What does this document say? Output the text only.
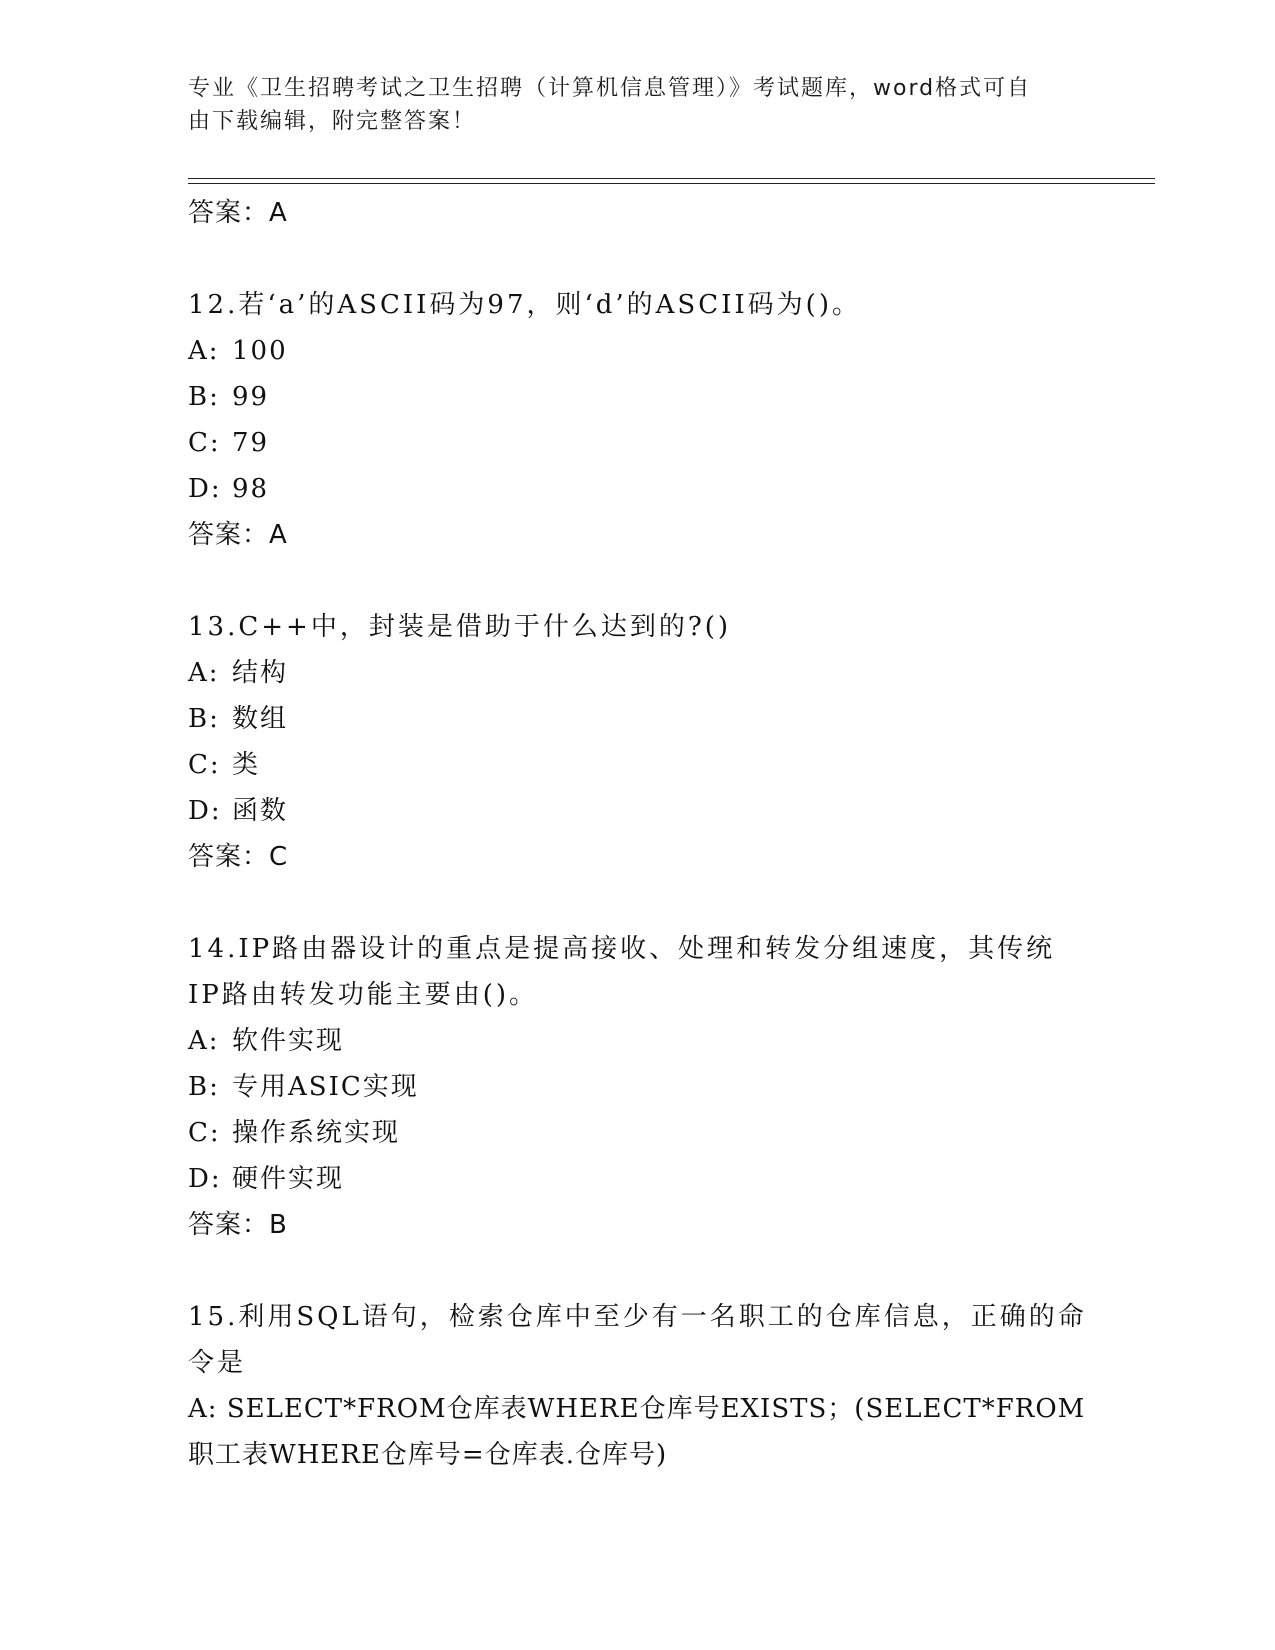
专业《卫生招聘考试之卫生招聘（计算机信息管理）》考试题库，word格式可自
由下载编辑，附完整答案！
答案：A
12.若‘a’的ASCII码为97，则‘d’的ASCII码为()。
A: 100
B: 99
C: 79
D: 98
答案：A
13.C++中，封装是借助于什么达到的?()
A: 结构
B: 数组
C: 类
D: 函数
答案：C
14.IP路由器设计的重点是提高接收、处理和转发分组速度，其传统IP路由转发功能主要由()。
A: 软件实现
B: 专用ASIC实现
C: 操作系统实现
D: 硬件实现
答案：B
15.利用SQL语句，检索仓库中至少有一名职工的仓库信息，正确的命令是
A: SELECT*FROM仓库表WHERE仓库号EXISTS；(SELECT*FROM职工表WHERE仓库号=仓库表.仓库号)
